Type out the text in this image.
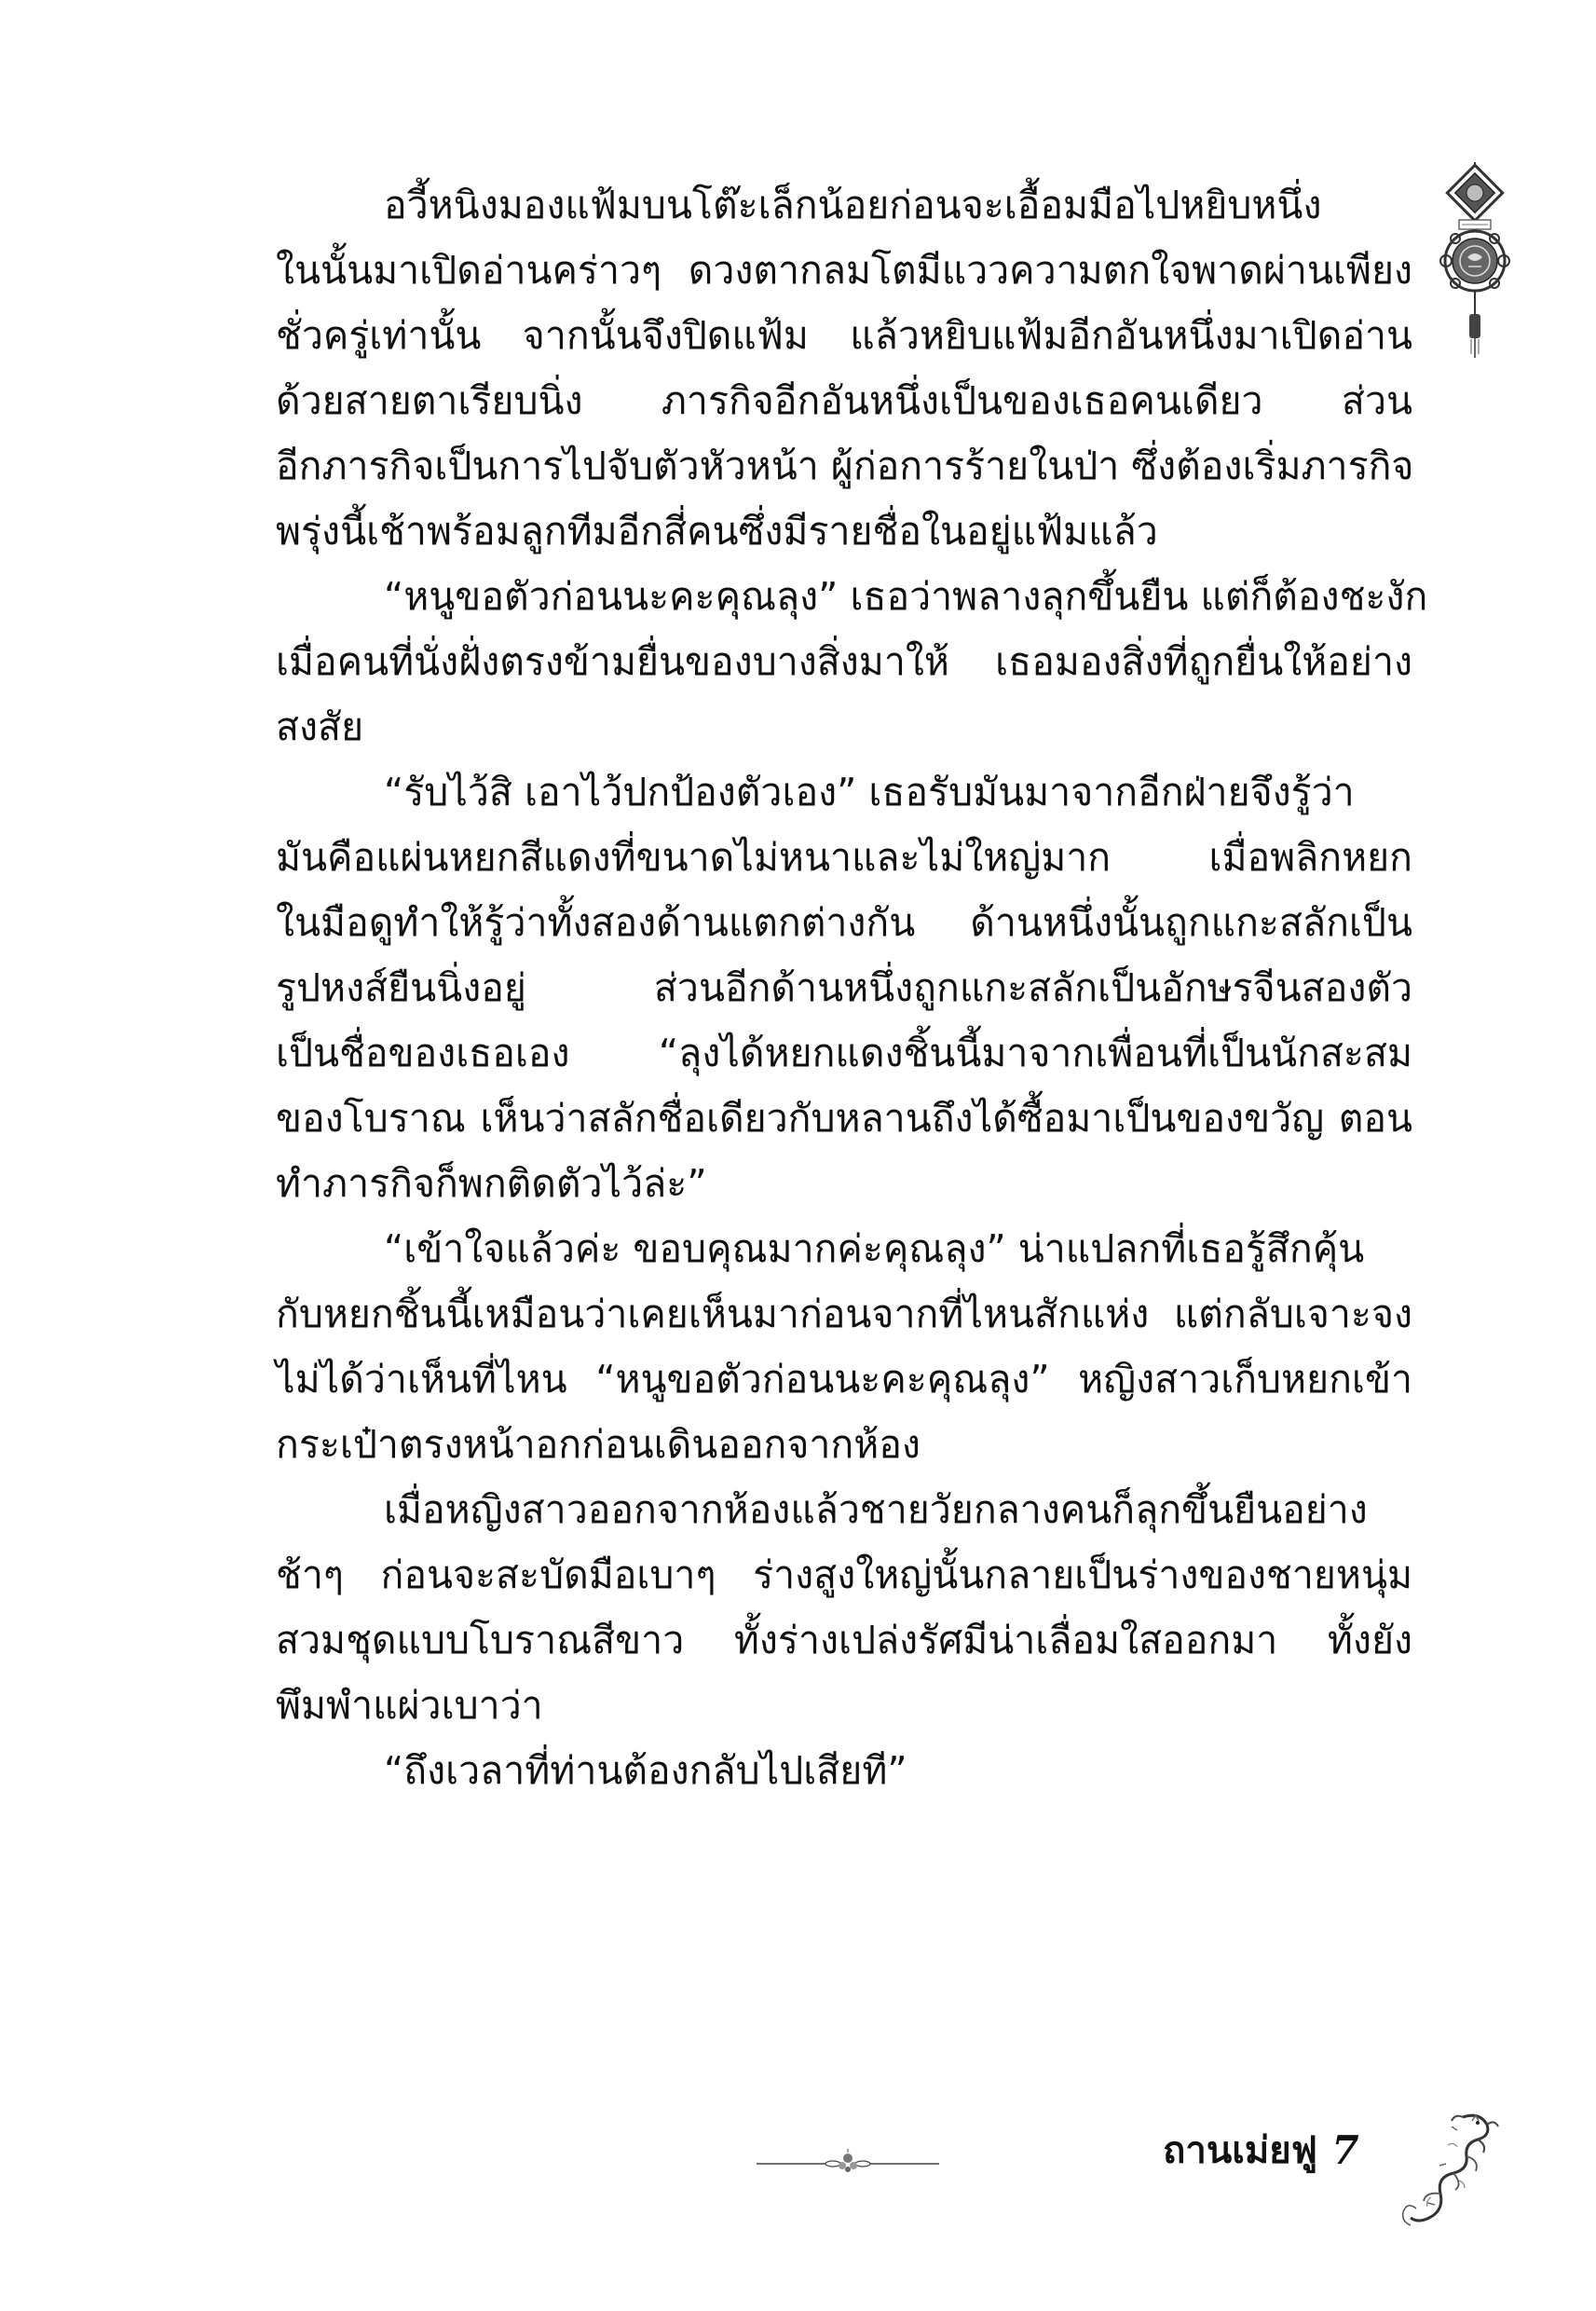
อวี้หนิงมองแฟ้มบนโต๊ะเล็กน้อยก่อนจะเอื้อมมือไปหยิบหนึ่ง
ในนั้นมาเปิดอ่านคร่าวๆ ดวงตากลมโตมีแววความตกใจพาดผ่านเพียง
ชั่วครู่เท่านั้น จากนั้นจึงปิดแฟ้ม แล้วหยิบแฟ้มอีกอันหนึ่งมาเปิดอ่าน
ด้วยสายตาเรียบนิ่ง ภารกิจอีกอันหนึ่งเป็นของเธอคนเดียว ส่วน
อีกภารกิจเป็นการไปจับตัวหัวหน้า ผู้ก่อการร้ายในป่า ซึ่งต้องเริ่มภารกิจ
พรุ่งนี้เช้าพร้อมลูกทีมอีกสี่คนซึ่งมีรายชื่อในอยู่แฟ้มแล้ว
“หนูขอตัวก่อนนะคะคุณลุง” เธอว่าพลางลุกขึ้นยืน แต่ก็ต้องชะงัก
เมื่อคนที่นั่งฝั่งตรงข้ามยื่นของบางสิ่งมาให้ เธอมองสิ่งที่ถูกยื่นให้อย่าง
สงสัย
“รับไว้สิ เอาไว้ปกป้องตัวเอง” เธอรับมันมาจากอีกฝ่ายจึงรู้ว่า
มันคือแผ่นหยกสีแดงที่ขนาดไม่หนาและไม่ใหญ่มาก เมื่อพลิกหยก
ในมือดูทำให้รู้ว่าทั้งสองด้านแตกต่างกัน ด้านหนึ่งนั้นถูกแกะสลักเป็น
รูปหงส์ยืนนิ่งอยู่ ส่วนอีกด้านหนึ่งถูกแกะสลักเป็นอักษรจีนสองตัว
เป็นชื่อของเธอเอง “ลุงได้หยกแดงชิ้นนี้มาจากเพื่อนที่เป็นนักสะสม
ของโบราณ เห็นว่าสลักชื่อเดียวกับหลานถึงได้ซื้อมาเป็นของขวัญ ตอน
ทำภารกิจก็พกติดตัวไว้ล่ะ”
“เข้าใจแล้วค่ะ ขอบคุณมากค่ะคุณลุง” น่าแปลกที่เธอรู้สึกคุ้น
กับหยกชิ้นนี้เหมือนว่าเคยเห็นมาก่อนจากที่ไหนสักแห่ง แต่กลับเจาะจง
ไม่ได้ว่าเห็นที่ไหน “หนูขอตัวก่อนนะคะคุณลุง” หญิงสาวเก็บหยกเข้า
กระเป๋าตรงหน้าอกก่อนเดินออกจากห้อง
เมื่อหญิงสาวออกจากห้องแล้วชายวัยกลางคนก็ลุกขึ้นยืนอย่าง
ช้าๆ ก่อนจะสะบัดมือเบาๆ ร่างสูงใหญ่นั้นกลายเป็นร่างของชายหนุ่ม
สวมชุดแบบโบราณสีขาว ทั้งร่างเปล่งรัศมีน่าเลื่อมใสออกมา ทั้งยัง
พึมพำแผ่วเบาว่า
“ถึงเวลาที่ท่านต้องกลับไปเสียที”
ถานเม่ยฟู 7
